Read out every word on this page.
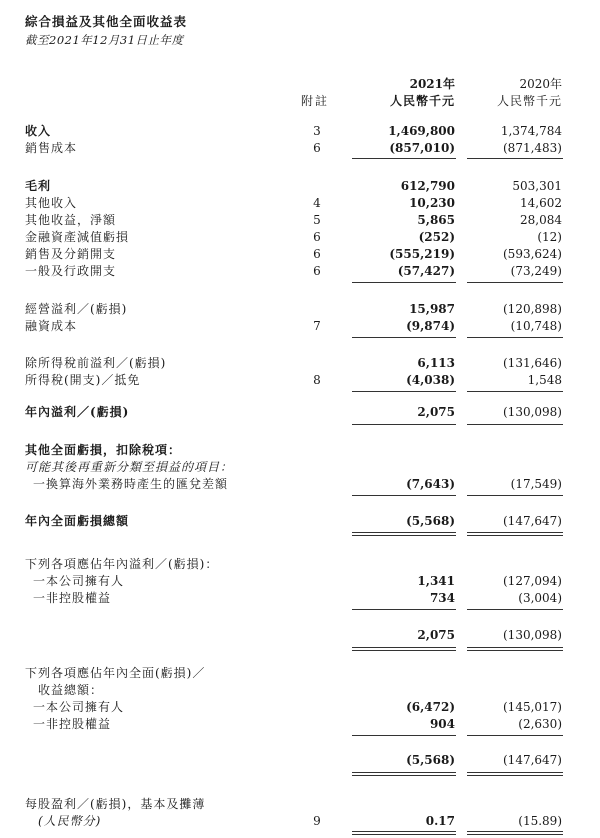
綜合損益及其他全面收益表
截至2021年12月31日止年度
附註
2021年
人民幣千元
2020年
人民幣千元
收入	3	1,469,800	1,374,784
銷售成本	6	(857,010)	(871,483)
毛利	612,790	503,301
其他收入	4	10,230	14,602
其他收益，淨額	5	5,865	28,084
金融資產減值虧損	6	(252)	(12)
銷售及分銷開支	6	(555,219)	(593,624)
一般及行政開支	6	(57,427)	(73,249)
經營溢利／(虧損)	15,987	(120,898)
融資成本	7	(9,874)	(10,748)
除所得稅前溢利／(虧損)	6,113	(131,646)
所得稅(開支)／抵免	8	(4,038)	1,548
年內溢利／(虧損)	2,075	(130,098)
其他全面虧損，扣除稅項：
可能其後再重新分類至損益的項目：
一換算海外業務時產生的匯兌差額	(7,643)	(17,549)
年內全面虧損總額	(5,568)	(147,647)
下列各項應佔年內溢利／(虧損)：
一本公司擁有人	1,341	(127,094)
一非控股權益	734	(3,004)
2,075	(130,098)
下列各項應佔年內全面(虧損)／
收益總額：
一本公司擁有人	(6,472)	(145,017)
一非控股權益	904	(2,630)
(5,568)	(147,647)
每股盈利／(虧損)，基本及攤薄
(人民幣分)	9	0.17	(15.89)
